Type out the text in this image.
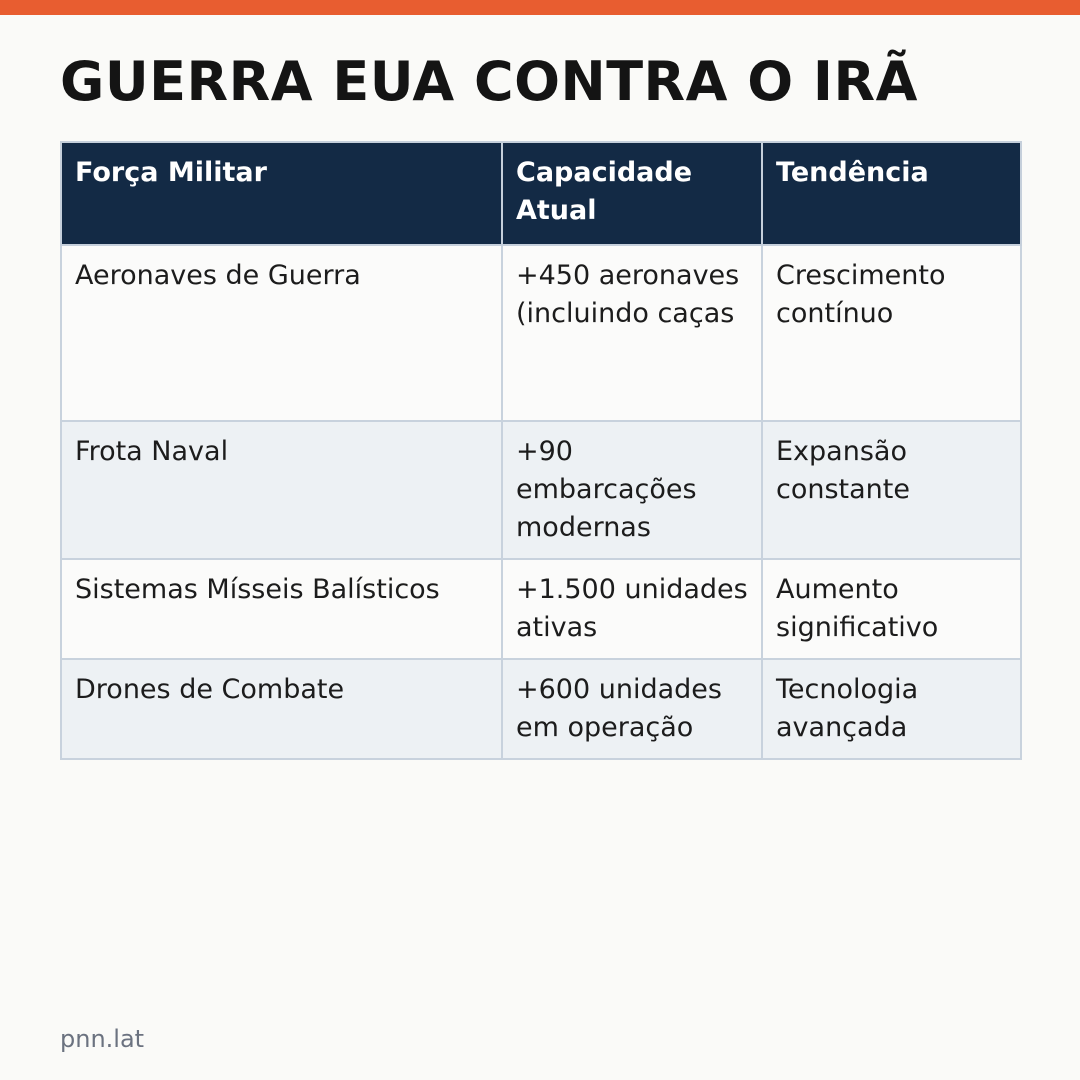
GUERRA EUA CONTRA O IRÃ
Força Militar	Capacidade Atual	Tendência
Aeronaves de Guerra	+450 aeronaves (incluindo caças	Crescimento contínuo
Frota Naval	+90 embarcações modernas	Expansão constante
Sistemas Mísseis Balísticos	+1.500 unidades ativas	Aumento significativo
Drones de Combate	+600 unidades em operação	Tecnologia avançada
pnn.lat
